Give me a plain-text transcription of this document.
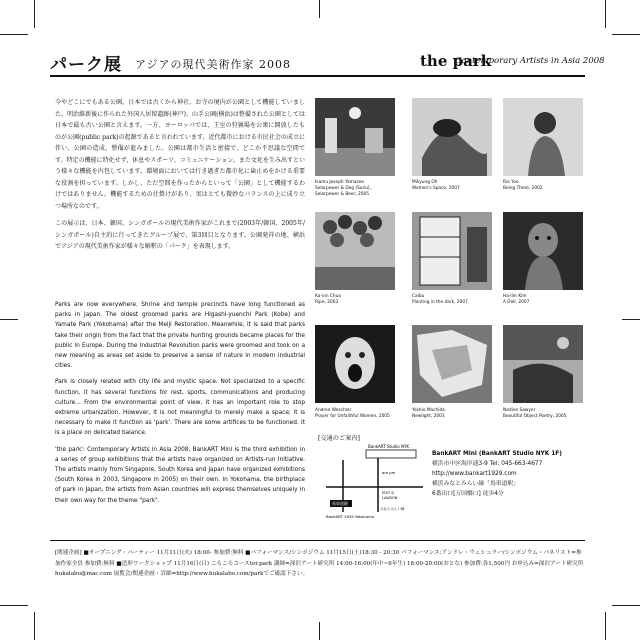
パーク展 アジアの現代美術作家 2008	the park
Contemporary Artists in Asia 2008

今やどこにでもある公園。日本では古くから神社、お寺の境内が公園として機能していました。明治維新後に作られた外国人居留遺跡(神戸)、山手公園(横浜)は整備された公園としては日本で最も古い公園と言えます。一方、ヨーロッパでは、王室の狩猟場を公衆に開放したものが公園(public park)の起源であると言われています。近代都市における市民社会の成立に伴い、公園の造成、整備が進みました。公園は都市生活と密接で、どこか不思議な空間です。特定の機能に特化せず、休息やスポーツ、コミュニケーション、また文化を生み出すという様々な機能を内包しています。環境面においては行き過ぎた都市化に歯止めをかける重要な役割を担っています。しかし、ただ空間を作ったからといって「公園」として機能するわけではありません。機能するための仕掛けがあり、実はとても微妙なバランスの上に成り立つ場所なのです。

この展示は、日本、韓国、シンガポールの現代美術作家がこれまで(2003年/韓国、2005年/シンガポール)自主的に行ってきたグループ展で、第3回目となります。公園発祥の地、横浜でアジアの現代美術作家が様々な解釈の「パーク」を表現します。

Parks are now everywhere. Shrine and temple precincts have long functioned as parks in Japan. The oldest groomed parks are Higashi-yuenchi Park (Kobe) and Yamate Park (Yokohama) after the Meiji Restoration. Meanwhile, it is said that parks take their origin from the fact that the private hunting grounds became places for the public in Europe. During the Industrial Revolution parks were groomed and took on a new meaning as areas set aside to preserve a sense of nature in modern industrial cities.

Park is closely related with city life and mystic space. Not specialized to a specific function, it has several functions for rest, sports, communications and producing culture... From the environmental point of view, it has an important role to stop extreme urbanization. However, it is not meaningful to merely make a space; it is necessary to make it function as 'park'. There are some artifices to be functioned. It is a place on delicated balance.

'the park': Contemporary Artists in Asia 2008, BankART Mini is the third exhibition in a series of group exhibitions that the artists have organized on Artists-run Initiative. The artists mainly from Singapore, South Korea and Japan have organized exhibitions (South Korea in 2003, Singapore in 2005) on their own. In Yokohama, the birthplace of park in Japan, the artists from Asian countries will express themselves uniquely in their own way for the theme "park".

Isamu Joseph Yamazoe
Solarpower & Dog (Sunu),
Solarpower & Beer, 2005
Mikyung Oh
Women's Space, 2007
Ria Yoo
Being There, 2002
Ka-inn Chua
Ripe, 2003
Caibu
Planting in the dark, 2007
Ha-lim Kim
A Doll, 2007
Andree Weschler
Prayer for Unfaithful Women, 2005
Yoshio Machida
Newlight, 2003
Nadine Sawyer
Beautiful Object Poetry, 2005
[交通のご案内]
BankART Studio NYK
馬車道駅
am pm
EDIT &
LAWSON
みなとみらい線
BankART 1929 Yokohama
BankART Mini (BankART Studio NYK 1F)
横浜市中区海岸通3-9 Tel: 045-663-4677
http://www.bankart1929.com
横浜みなとみらい線「馬車道駅」
6番出口[万国橋口] 徒歩4分

[関連企画] ■オープニング・パーティー 11月11日(火) 18:00- 参加費:無料 ■パフォーマンス/シンポジウム 11月15日(土)18:30 - 20:30 パフォーマンス:アンドレ・ウェシュラー/シンポジウム・パネリスト=参加作家全員 参加費:無料 ■造形ワークショップ 11月16日(日) ころころコースter.park 講師=深沢アート研究所 14:00-16:00(年中~6年生) 18:00-20:00(おとな) 参加費:各1,500円 お申込み=深沢アート研究所 hukalabo@mac.com 展覧会/関連企画・詳細=http://www.hukalabo.com/parkでご確認下さい。
